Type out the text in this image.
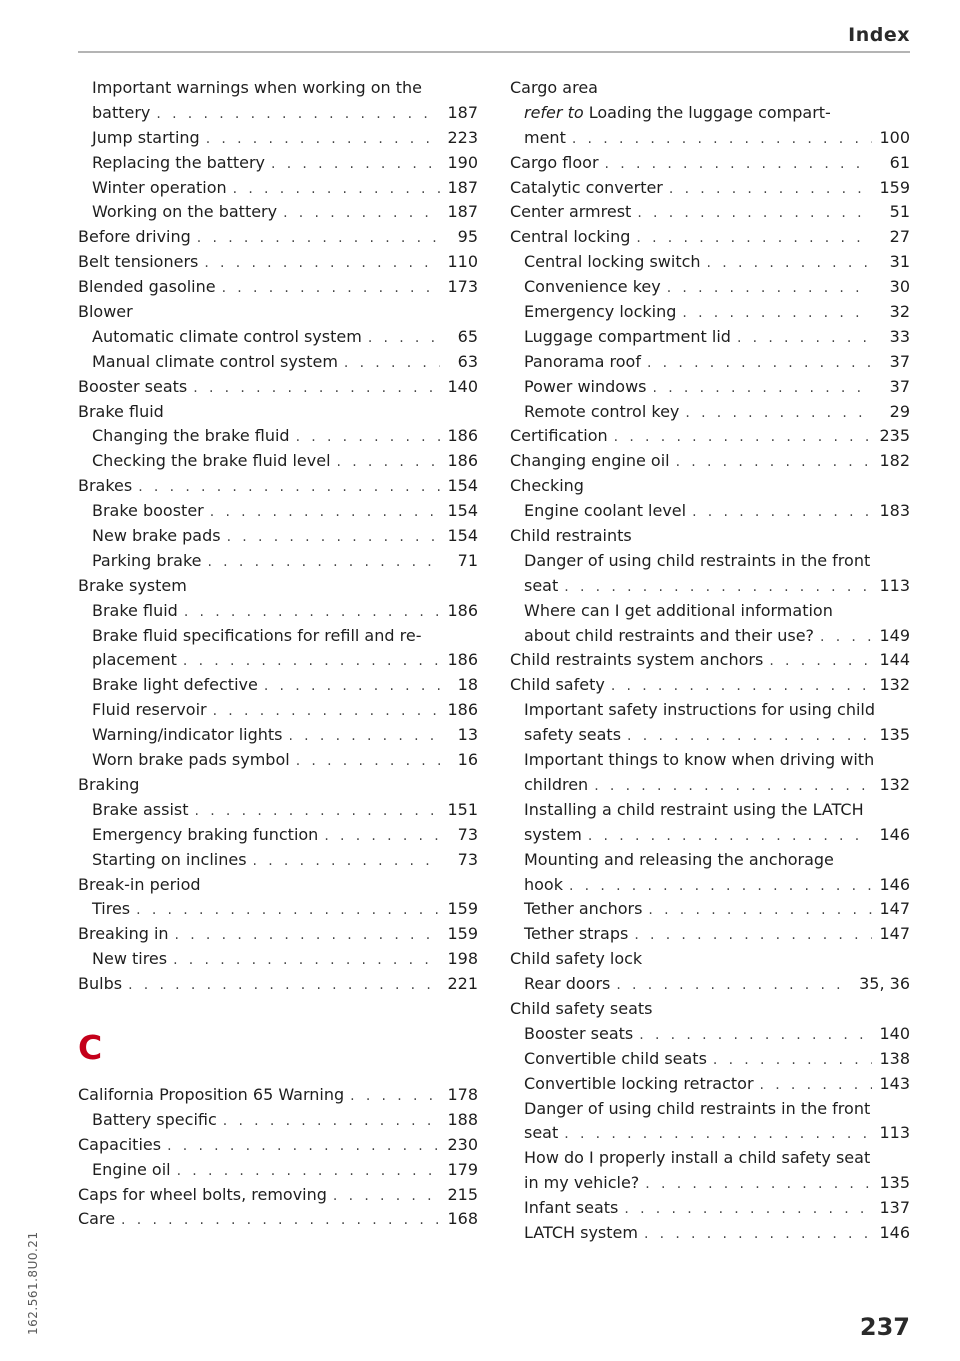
Index
Important warnings when working on the
battery . . .	187
Jump starting . . .	223
Replacing the battery . . .	190
Winter operation . . .	187
Working on the battery . . .	187
Before driving . . .	95
Belt tensioners . . .	110
Blended gasoline . . .	173
Blower
Automatic climate control system . . .	65
Manual climate control system . . .	63
Booster seats . . .	140
Brake fluid
Changing the brake fluid . . .	186
Checking the brake fluid level . . .	186
Brakes . . .	154
Brake booster . . .	154
New brake pads . . .	154
Parking brake . . .	71
Brake system
Brake fluid . . .	186
Brake fluid specifications for refill and re-
placement . . .	186
Brake light defective . . .	18
Fluid reservoir . . .	186
Warning/indicator lights . . .	13
Worn brake pads symbol . . .	16
Braking
Brake assist . . .	151
Emergency braking function . . .	73
Starting on inclines . . .	73
Break-in period
Tires . . .	159
Breaking in . . .	159
New tires . . .	198
Bulbs . . .	221
C
California Proposition 65 Warning . . .	178
Battery specific . . .	188
Capacities . . .	230
Engine oil . . .	179
Caps for wheel bolts, removing . . .	215
Care . . .	168
Cargo area
refer to Loading the luggage compart-
ment . . .	100
Cargo floor . . .	61
Catalytic converter . . .	159
Center armrest . . .	51
Central locking . . .	27
Central locking switch . . .	31
Convenience key . . .	30
Emergency locking . . .	32
Luggage compartment lid . . .	33
Panorama roof . . .	37
Power windows . . .	37
Remote control key . . .	29
Certification . . .	235
Changing engine oil . . .	182
Checking
Engine coolant level . . .	183
Child restraints
Danger of using child restraints in the front
seat . . .	113
Where can I get additional information
about child restraints and their use? . . .	149
Child restraints system anchors . . .	144
Child safety . . .	132
Important safety instructions for using child
safety seats . . .	135
Important things to know when driving with
children . . .	132
Installing a child restraint using the LATCH
system . . .	146
Mounting and releasing the anchorage
hook . . .	146
Tether anchors . . .	147
Tether straps . . .	147
Child safety lock
Rear doors . . .	35, 36
Child safety seats
Booster seats . . .	140
Convertible child seats . . .	138
Convertible locking retractor . . .	143
Danger of using child restraints in the front
seat . . .	113
How do I properly install a child safety seat
in my vehicle? . . .	135
Infant seats . . .	137
LATCH system . . .	146
162.561.8U0.21	237
